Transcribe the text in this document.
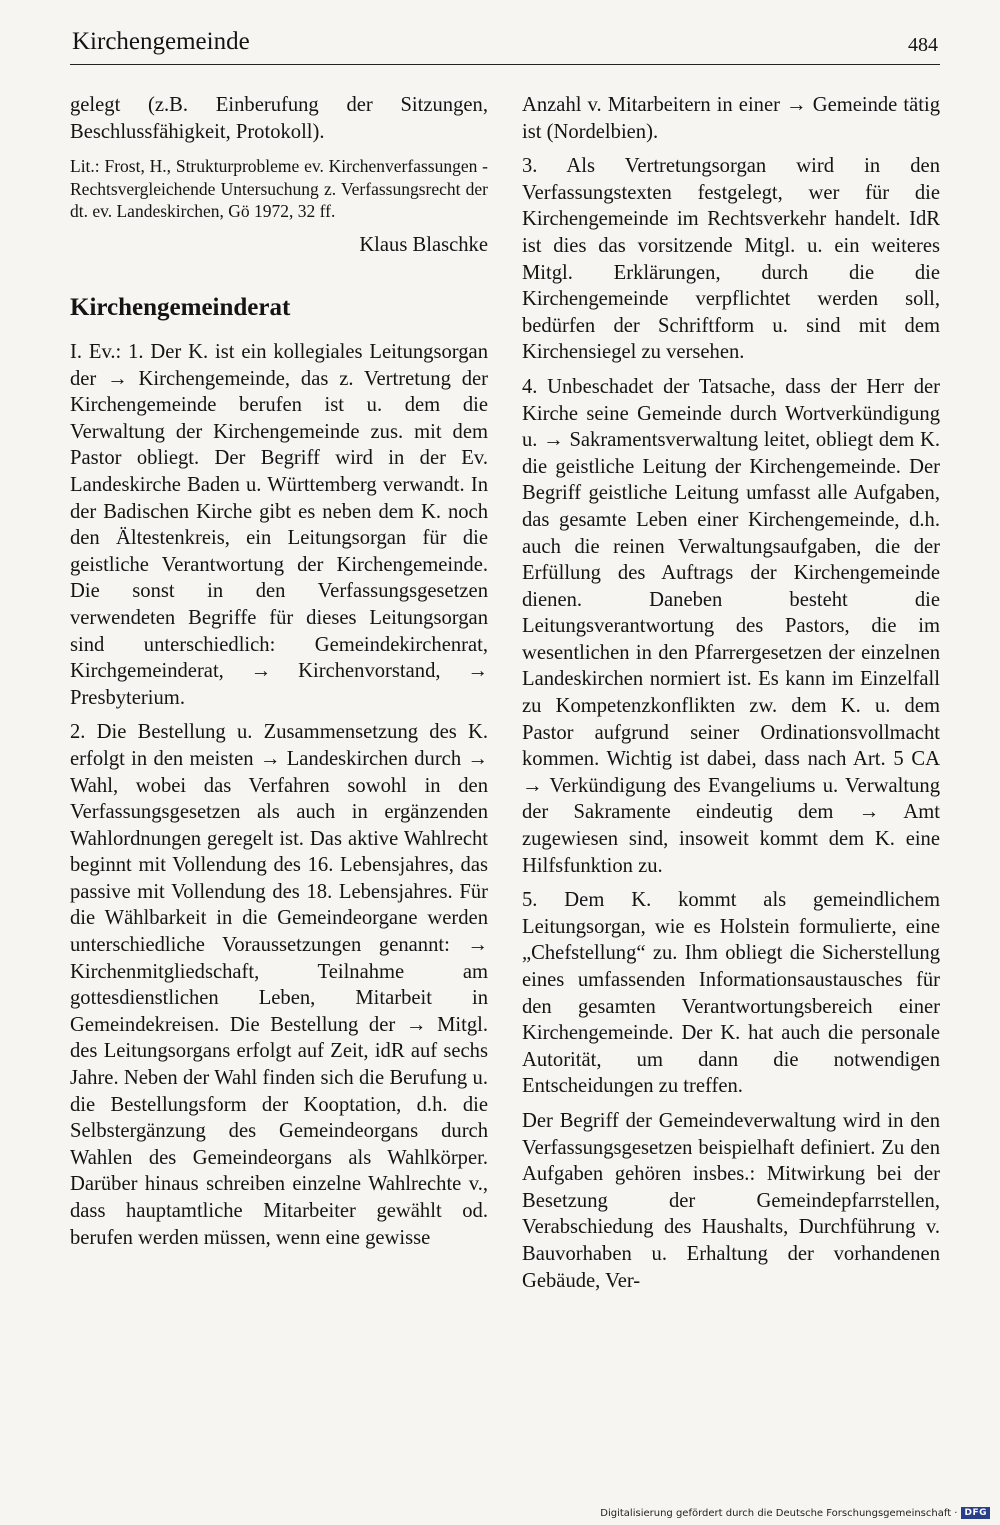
Kirchengemeinde	484

gelegt (z.B. Einberufung der Sitzungen, Beschlussfähigkeit, Protokoll).

Lit.: Frost, H., Strukturprobleme ev. Kirchenverfassungen - Rechtsvergleichende Untersuchung z. Verfassungsrecht der dt. ev. Landeskirchen, Gö 1972, 32 ff.

Klaus Blaschke

Kirchengemeinderat

I. Ev.: 1. Der K. ist ein kollegiales Leitungsorgan der → Kirchengemeinde, das z. Vertretung der Kirchengemeinde berufen ist u. dem die Verwaltung der Kirchengemeinde zus. mit dem Pastor obliegt. Der Begriff wird in der Ev. Landeskirche Baden u. Württemberg verwandt. In der Badischen Kirche gibt es neben dem K. noch den Ältestenkreis, ein Leitungsorgan für die geistliche Verantwortung der Kirchengemeinde. Die sonst in den Verfassungsgesetzen verwendeten Begriffe für dieses Leitungsorgan sind unterschiedlich: Gemeindekirchenrat, Kirchgemeinderat, → Kirchenvorstand, → Presbyterium.

2. Die Bestellung u. Zusammensetzung des K. erfolgt in den meisten → Landeskirchen durch → Wahl, wobei das Verfahren sowohl in den Verfassungsgesetzen als auch in ergänzenden Wahlordnungen geregelt ist. Das aktive Wahlrecht beginnt mit Vollendung des 16. Lebensjahres, das passive mit Vollendung des 18. Lebensjahres. Für die Wählbarkeit in die Gemeindeorgane werden unterschiedliche Voraussetzungen genannt: → Kirchenmitgliedschaft, Teilnahme am gottesdienstlichen Leben, Mitarbeit in Gemeindekreisen. Die Bestellung der → Mitgl. des Leitungsorgans erfolgt auf Zeit, idR auf sechs Jahre. Neben der Wahl finden sich die Berufung u. die Bestellungsform der Kooptation, d.h. die Selbstergänzung des Gemeindeorgans durch Wahlen des Gemeindeorgans als Wahlkörper. Darüber hinaus schreiben einzelne Wahlrechte v., dass hauptamtliche Mitarbeiter gewählt od. berufen werden müssen, wenn eine gewisse

Anzahl v. Mitarbeitern in einer → Gemeinde tätig ist (Nordelbien).

3. Als Vertretungsorgan wird in den Verfassungstexten festgelegt, wer für die Kirchengemeinde im Rechtsverkehr handelt. IdR ist dies das vorsitzende Mitgl. u. ein weiteres Mitgl. Erklärungen, durch die die Kirchengemeinde verpflichtet werden soll, bedürfen der Schriftform u. sind mit dem Kirchensiegel zu versehen.

4. Unbeschadet der Tatsache, dass der Herr der Kirche seine Gemeinde durch Wortverkündigung u. → Sakramentsverwaltung leitet, obliegt dem K. die geistliche Leitung der Kirchengemeinde. Der Begriff geistliche Leitung umfasst alle Aufgaben, das gesamte Leben einer Kirchengemeinde, d.h. auch die reinen Verwaltungsaufgaben, die der Erfüllung des Auftrags der Kirchengemeinde dienen. Daneben besteht die Leitungsverantwortung des Pastors, die im wesentlichen in den Pfarrergesetzen der einzelnen Landeskirchen normiert ist. Es kann im Einzelfall zu Kompetenzkonflikten zw. dem K. u. dem Pastor aufgrund seiner Ordinationsvollmacht kommen. Wichtig ist dabei, dass nach Art. 5 CA → Verkündigung des Evangeliums u. Verwaltung der Sakramente eindeutig dem → Amt zugewiesen sind, insoweit kommt dem K. eine Hilfsfunktion zu.

5. Dem K. kommt als gemeindlichem Leitungsorgan, wie es Holstein formulierte, eine „Chefstellung“ zu. Ihm obliegt die Sicherstellung eines umfassenden Informationsaustausches für den gesamten Verantwortungsbereich einer Kirchengemeinde. Der K. hat auch die personale Autorität, um dann die notwendigen Entscheidungen zu treffen.

Der Begriff der Gemeindeverwaltung wird in den Verfassungsgesetzen beispielhaft definiert. Zu den Aufgaben gehören insbes.: Mitwirkung bei der Besetzung der Gemeindepfarrstellen, Verabschiedung des Haushalts, Durchführung v. Bauvorhaben u. Erhaltung der vorhandenen Gebäude, Ver-

Digitalisierung gefördert durch die Deutsche Forschungsgemeinschaft · DFG
